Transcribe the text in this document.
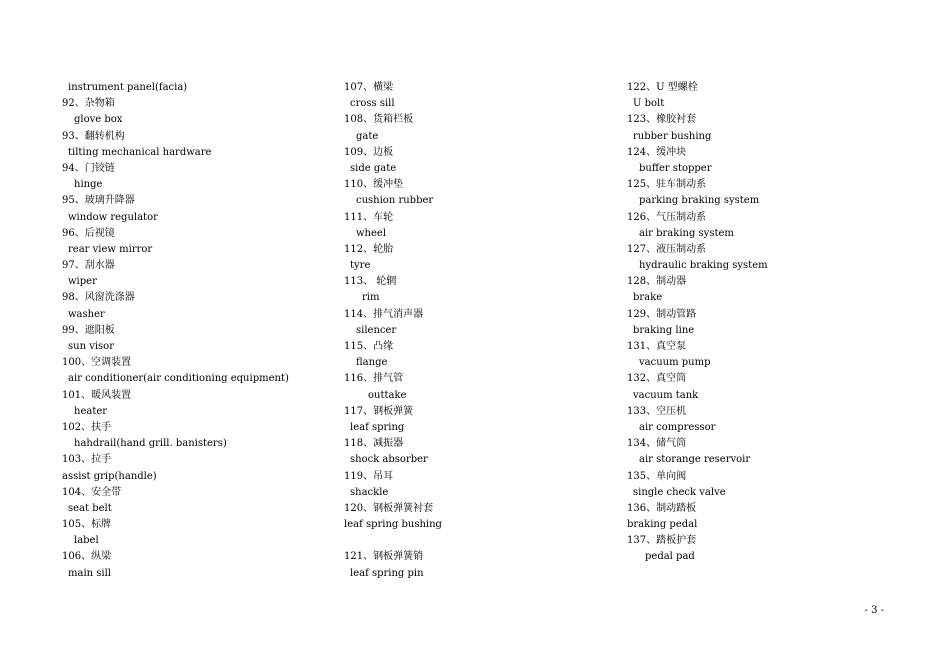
instrument panel(facia)
92、杂物箱
glove box
93、翻转机构
tilting mechanical hardware
94、门铰链
hinge
95、玻璃升降器
window regulator
96、后视镜
rear view mirror
97、刮水器
wiper
98、风窗洗涤器
washer
99、遮阳板
sun visor
100、空调装置
air conditioner(air conditioning equipment)
101、暖风装置
heater
102、扶手
hahdrail(hand grill. banisters)
103、拉手
assist grip(handle)
104、安全带
seat belt
105、标牌
label
106、纵梁
main sill
107、横梁
cross sill
108、货箱栏板
gate
109、边板
side gate
110、缓冲垫
cushion rubber
111、车轮
wheel
112、轮胎
tyre
113、 轮辋
rim
114、排气消声器
silencer
115、凸缘
flange
116、排气管
outtake
117、钢板弹簧
leaf spring
118、减振器
shock absorber
119、吊耳
shackle
120、钢板弹簧衬套
leaf spring bushing
121、钢板弹簧销
leaf spring pin
122、U 型螺栓
U bolt
123、橡胶衬套
rubber bushing
124、缓冲块
buffer stopper
125、驻车制动系
parking braking system
126、气压制动系
air braking system
127、液压制动系
hydraulic braking system
128、制动器
brake
129、制动管路
braking line
131、真空泵
vacuum pump
132、真空筒
vacuum tank
133、空压机
air compressor
134、储气筒
air storange reservoir
135、单向阀
single check valve
136、制动踏板
braking pedal
137、踏板护套
pedal pad
- 3 -
